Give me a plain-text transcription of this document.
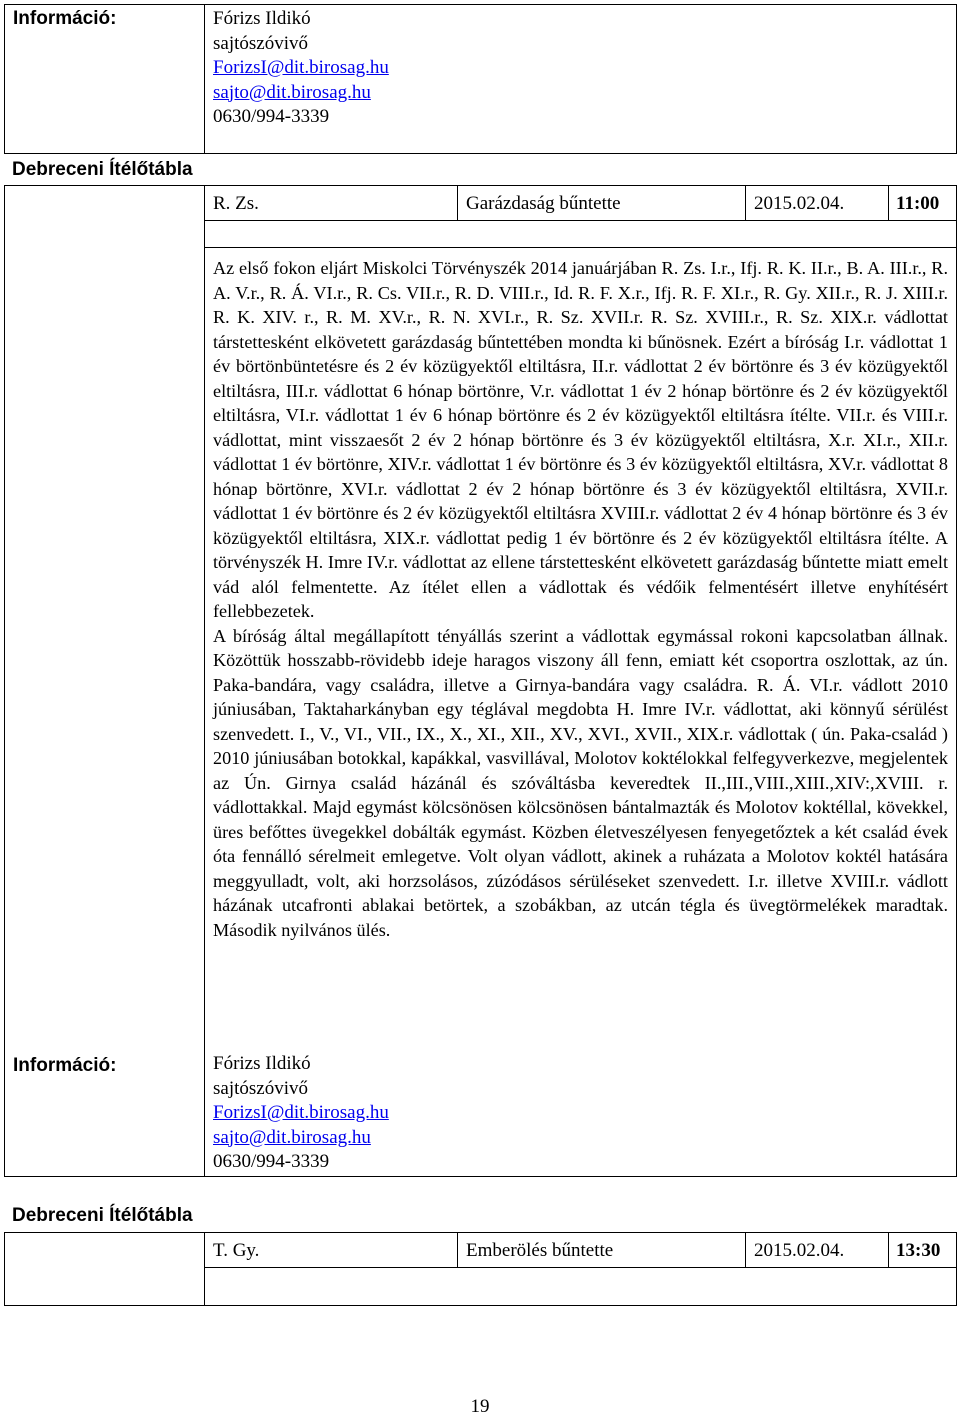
Információ:	Fórizs Ildikó
sajtószóvivő
ForizsI@dit.birosag.hu
sajto@dit.birosag.hu
0630/994-3339
Debreceni Ítélőtábla
R. Zs.	Garázdaság bűntette	2015.02.04.	11:00
Az első fokon eljárt Miskolci Törvényszék 2014 januárjában R. Zs. I.r., Ifj. R. K. II.r., B. A. III.r., R. A. V.r., R. Á. VI.r., R. Cs. VII.r., R. D. VIII.r., Id. R. F. X.r., Ifj. R. F. XI.r., R. Gy. XII.r., R. J. XIII.r. R. K. XIV. r., R. M. XV.r., R. N. XVI.r., R. Sz. XVII.r. R. Sz. XVIII.r., R. Sz. XIX.r. vádlottat társtettesként elkövetett garázdaság bűntettében mondta ki bűnösnek. Ezért a bíróság I.r. vádlottat 1 év börtönbüntetésre és 2 év közügyektől eltiltásra, II.r. vádlottat 2 év börtönre és 3 év közügyektől eltiltásra, III.r. vádlottat 6 hónap börtönre, V.r. vádlottat 1 év 2 hónap börtönre és 2 év közügyektől eltiltásra, VI.r. vádlottat 1 év 6 hónap börtönre és 2 év közügyektől eltiltásra ítélte. VII.r. és VIII.r. vádlottat, mint visszaesőt 2 év 2 hónap börtönre és 3 év közügyektől eltiltásra, X.r. XI.r., XII.r. vádlottat 1 év börtönre, XIV.r. vádlottat 1 év börtönre és 3 év közügyektől eltiltásra, XV.r. vádlottat 8 hónap börtönre, XVI.r. vádlottat 2 év 2 hónap börtönre és 3 év közügyektől eltiltásra, XVII.r. vádlottat 1 év börtönre és 2 év közügyektől eltiltásra XVIII.r. vádlottat 2 év 4 hónap börtönre és 3 év közügyektől eltiltásra, XIX.r. vádlottat pedig 1 év börtönre és 2 év közügyektől eltiltásra ítélte. A törvényszék H. Imre IV.r. vádlottat az ellene társtettesként elkövetett garázdaság bűntette miatt emelt vád alól felmentette. Az ítélet ellen a vádlottak és védőik felmentésért illetve enyhítésért fellebbezetek.
A bíróság által megállapított tényállás szerint a vádlottak egymással rokoni kapcsolatban állnak. Közöttük hosszabb-rövidebb ideje haragos viszony áll fenn, emiatt két csoportra oszlottak, az ún. Paka-bandára, vagy családra, illetve a Girnya-bandára vagy családra. R. Á. VI.r. vádlott 2010 júniusában, Taktaharkányban egy téglával megdobta H. Imre IV.r. vádlottat, aki könnyű sérülést szenvedett. I., V., VI., VII., IX., X., XI., XII., XV., XVI., XVII., XIX.r. vádlottak ( ún. Paka-család ) 2010 júniusában botokkal, kapákkal, vasvillával, Molotov koktélokkal felfegyverkezve, megjelentek az Ún. Girnya család házánál és szóváltásba keveredtek II.,III.,VIII.,XIII.,XIV:,XVIII. r. vádlottakkal. Majd egymást kölcsönösen kölcsönösen bántalmazták és Molotov koktéllal, kövekkel, üres befőttes üvegekkel dobálták egymást. Közben életveszélyesen fenyegetőztek a két család évek óta fennálló sérelmeit emlegetve. Volt olyan vádlott, akinek a ruházata a Molotov koktél hatására meggyulladt, volt, aki horzsolásos, zúzódásos sérüléseket szenvedett. I.r. illetve XVIII.r. vádlott házának utcafronti ablakai betörtek, a szobákban, az utcán tégla és üvegtörmelékek maradtak. Második nyilvános ülés.
Információ:	Fórizs Ildikó
sajtószóvivő
ForizsI@dit.birosag.hu
sajto@dit.birosag.hu
0630/994-3339
Debreceni Ítélőtábla
T. Gy.	Emberölés bűntette	2015.02.04.	13:30
19
